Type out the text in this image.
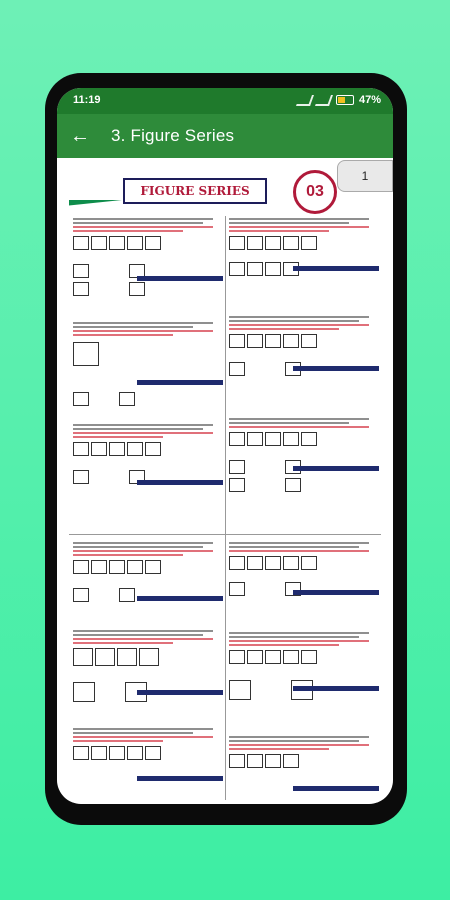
11:19	47%
←	3. Figure Series
FIGURE SERIES	03
1
